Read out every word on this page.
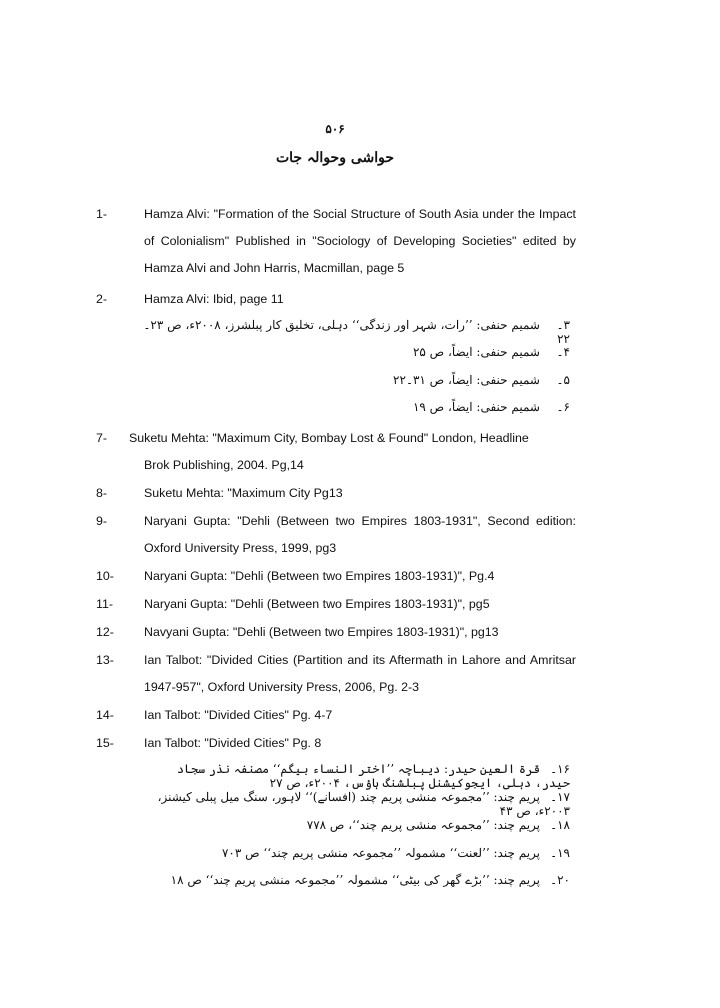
۵۰۶
حواشی وحوالہ جات
1-	Hamza Alvi: "Formation of the Social Structure of South Asia under the Impact of Colonialism" Published in "Sociology of Developing Societies" edited by Hamza Alvi and John Harris, Macmillan, page 5
2-	Hamza Alvi: Ibid, page 11
۳۔شمیم حنفی: ’’رات، شہر اور زندگی‘‘ دہلی، تخلیق کار پبلشرز، ۲۰۰۸ء، ص ۲۳۔۲۲
۴۔شمیم حنفی: ایضاً، ص ۲۵
۵۔شمیم حنفی: ایضاً، ص ۳۱۔۲۲
۶۔شمیم حنفی: ایضاً، ص ۱۹
7- Suketu Mehta: "Maximum City, Bombay Lost & Found" London, Headline
Brok Publishing, 2004. Pg,14
8-	Suketu Mehta: "Maximum City Pg13
9-	Naryani Gupta: "Dehli (Between two Empires 1803-1931", Second edition: Oxford University Press, 1999, pg3
10- Naryani Gupta: "Dehli (Between two Empires 1803-1931)", Pg.4
11-	Naryani Gupta: "Dehli (Between two Empires 1803-1931)", pg5
12- Navyani Gupta: "Dehli (Between two Empires 1803-1931)", pg13
13- Ian Talbot: "Divided Cities (Partition and its Aftermath in Lahore and Amritsar 1947-957", Oxford University Press, 2006, Pg. 2-3
14- Ian Talbot: "Divided Cities" Pg. 4-7
15- Ian Talbot: "Divided Cities" Pg. 8
۱۶۔قرۃ العین حیدر: دیباچہ ’’اختر النساء بیگم‘‘ مصنفہ نذر سجاد حیدر، دہلی، ایجوکیشنل پبلشنگ ہاؤس، ۲۰۰۴ء، ص ۲۷
۱۷۔پریم چند: ’’مجموعہ منشی پریم چند (افسانے)‘‘ لاہور، سنگ میل پبلی کیشنز، ۲۰۰۳ء، ص ۴۳
۱۸۔پریم چند: ’’مجموعہ منشی پریم چند‘‘، ص ۷۷۸
۱۹۔پریم چند: ’’لعنت‘‘ مشمولہ ’’مجموعہ منشی پریم چند‘‘ ص ۷۰۳
۲۰۔پریم چند: ’’بڑے گھر کی بیٹی‘‘ مشمولہ ’’مجموعہ منشی پریم چند‘‘ ص ۱۸
